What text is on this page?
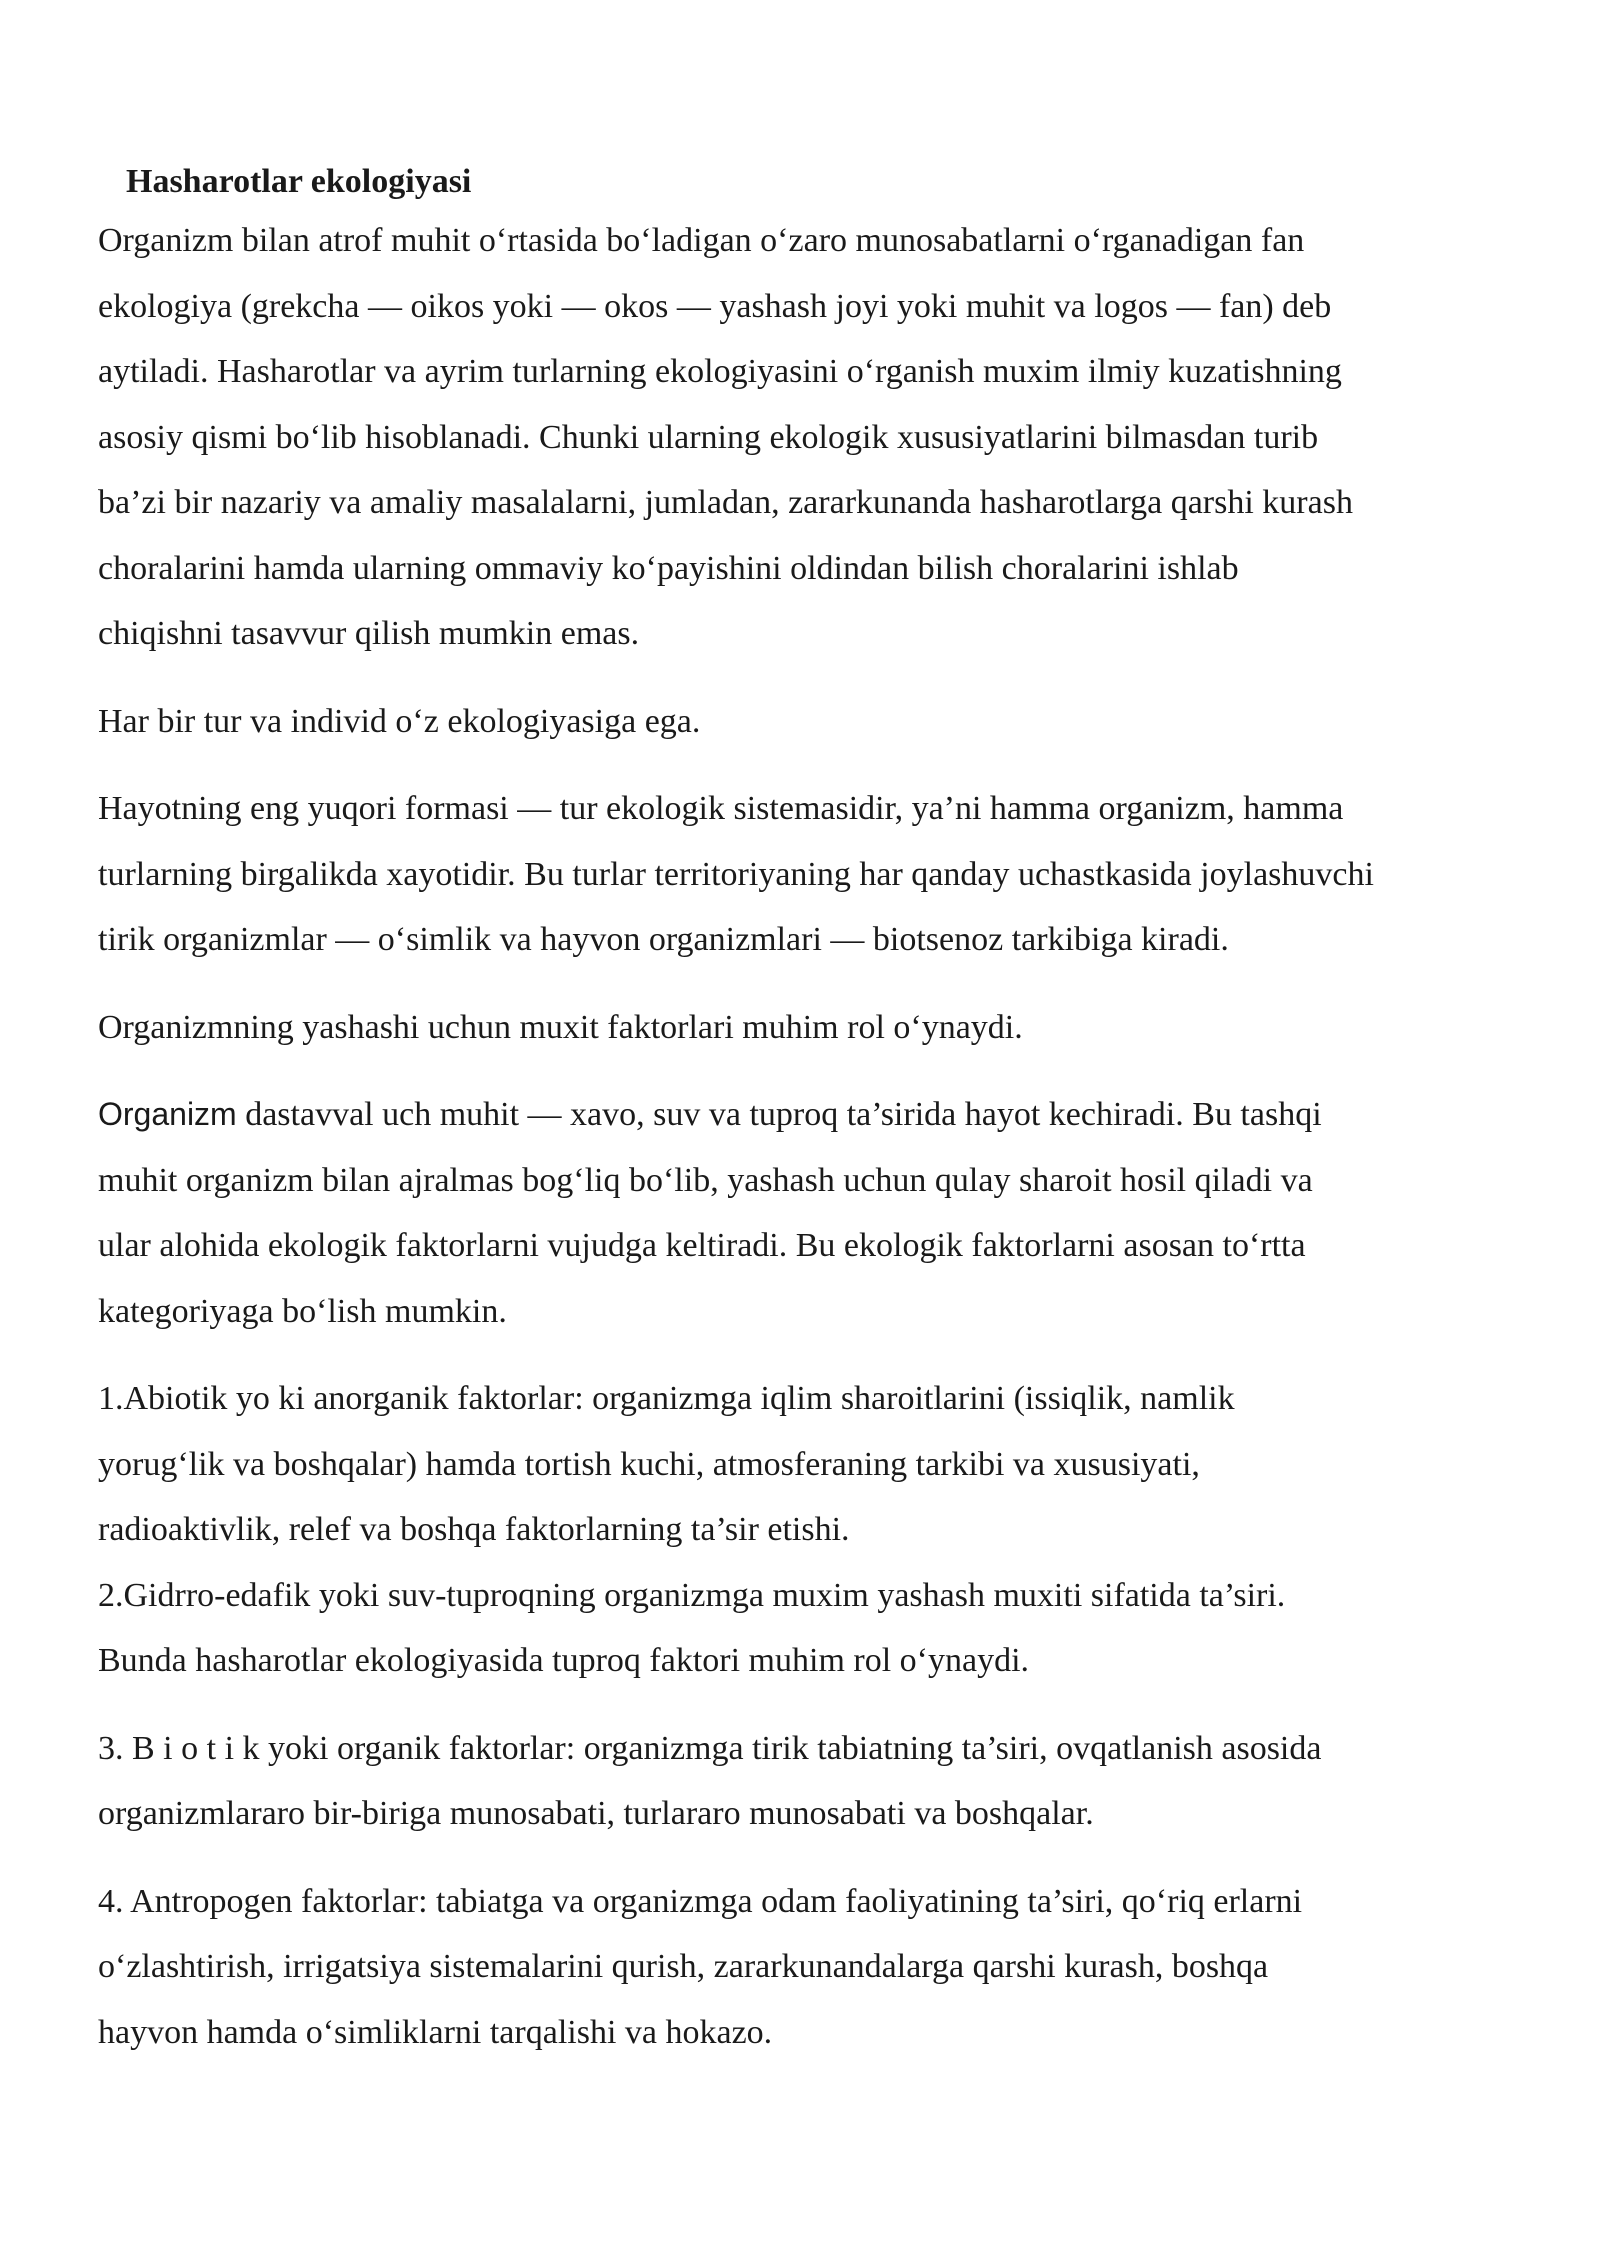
Hasharotlar ekologiyasi
Organizm bilan atrof muhit o‘rtasida bo‘ladigan o‘zaro munosabatlarni o‘rganadigan fan
ekologiya (grekcha — oikos yoki — okos — yashash joyi yoki muhit va logos — fan) deb
aytiladi. Hasharotlar va ayrim turlarning ekologiyasini o‘rganish muxim ilmiy kuzatishning
asosiy qismi bo‘lib hisoblanadi. Chunki ularning ekologik xususiyatlarini bilmasdan turib
ba’zi bir nazariy va amaliy masalalarni, jumladan, zararkunanda hasharotlarga qarshi kurash
choralarini hamda ularning ommaviy ko‘payishini oldindan bilish choralarini ishlab
chiqishni tasavvur qilish mumkin emas.
Har bir tur va individ o‘z ekologiyasiga ega.
Hayotning eng yuqori formasi — tur ekologik sistemasidir, ya’ni hamma organizm, hamma
turlarning birgalikda xayotidir. Bu turlar territoriyaning har qanday uchastkasida joylashuvchi
tirik organizmlar — o‘simlik va hayvon organizmlari — biotsenoz tarkibiga kiradi.
Organizmning yashashi uchun muxit faktorlari muhim rol o‘ynaydi.
Organizm dastavval uch muhit — xavo, suv va tuproq ta’sirida hayot kechiradi. Bu tashqi
muhit organizm bilan ajralmas bog‘liq bo‘lib, yashash uchun qulay sharoit hosil qiladi va
ular alohida ekologik faktorlarni vujudga keltiradi. Bu ekologik faktorlarni asosan to‘rtta
kategoriyaga bo‘lish mumkin.
1.Abiotik yo ki anorganik faktorlar: organizmga iqlim sharoitlarini (issiqlik, namlik
yorug‘lik va boshqalar) hamda tortish kuchi, atmosferaning tarkibi va xususiyati,
radioaktivlik, relef va boshqa faktorlarning ta’sir etishi.
2.Gidrro-edafik yoki suv-tuproqning organizmga muxim yashash muxiti sifatida ta’siri.
Bunda hasharotlar ekologiyasida tuproq faktori muhim rol o‘ynaydi.
3. B i o t i k yoki organik faktorlar: organizmga tirik tabiatning ta’siri, ovqatlanish asosida
organizmlararo bir-biriga munosabati, turlararo munosabati va boshqalar.
4. Antropogen faktorlar: tabiatga va organizmga odam faoliyatining ta’siri, qo‘riq erlarni
o‘zlashtirish, irrigatsiya sistemalarini qurish, zararkunandalarga qarshi kurash, boshqa
hayvon hamda o‘simliklarni tarqalishi va hokazo.
